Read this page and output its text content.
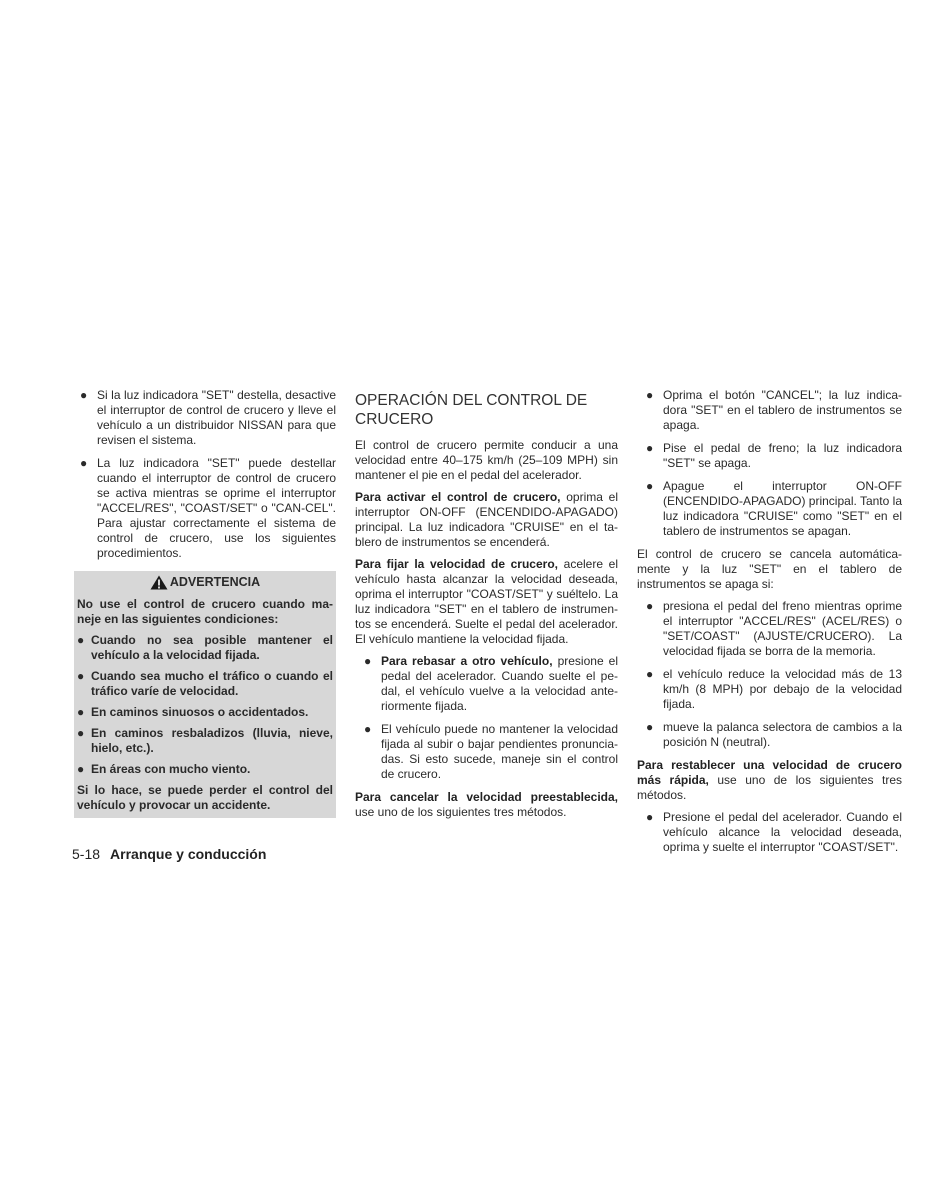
● Si la luz indicadora "SET" destella, desactive el interruptor de control de crucero y lleve el vehículo a un distribuidor NISSAN para que revisen el sistema.
● La luz indicadora "SET" puede destellar cuando el interruptor de control de crucero se activa mientras se oprime el interruptor "ACCEL/RES", "COAST/SET" o "CAN-CEL". Para ajustar correctamente el sistema de control de crucero, use los siguientes procedimientos.
ADVERTENCIA

No use el control de crucero cuando ma-neje en las siguientes condiciones:

● Cuando no sea posible mantener el vehículo a la velocidad fijada.
● Cuando sea mucho el tráfico o cuando el tráfico varíe de velocidad.
● En caminos sinuosos o accidentados.
● En caminos resbaladizos (lluvia, nieve, hielo, etc.).
● En áreas con mucho viento.

Si lo hace, se puede perder el control del vehículo y provocar un accidente.

OPERACIÓN DEL CONTROL DE CRUCERO

El control de crucero permite conducir a una velocidad entre 40–175 km/h (25–109 MPH) sin mantener el pie en el pedal del acelerador.

Para activar el control de crucero, oprima el interruptor ON-OFF (ENCENDIDO-APAGADO) principal. La luz indicadora "CRUISE" en el ta-blero de instrumentos se encenderá.

Para fijar la velocidad de crucero, acelere el vehículo hasta alcanzar la velocidad deseada, oprima el interruptor "COAST/SET" y suéltelo. La luz indicadora "SET" en el tablero de instrumen-tos se encenderá. Suelte el pedal del acelerador. El vehículo mantiene la velocidad fijada.

● Para rebasar a otro vehículo, presione el pedal del acelerador. Cuando suelte el pe-dal, el vehículo vuelve a la velocidad ante-riormente fijada.
● El vehículo puede no mantener la velocidad fijada al subir o bajar pendientes pronuncia-das. Si esto sucede, maneje sin el control de crucero.

Para cancelar la velocidad preestablecida, use uno de los siguientes tres métodos.

● Oprima el botón "CANCEL"; la luz indica-dora "SET" en el tablero de instrumentos se apaga.
● Pise el pedal de freno; la luz indicadora "SET" se apaga.
● Apague el interruptor ON-OFF (ENCENDIDO-APAGADO) principal. Tanto la luz indicadora "CRUISE" como "SET" en el tablero de instrumentos se apagan.

El control de crucero se cancela automática-mente y la luz "SET" en el tablero de instrumentos se apaga si:

● presiona el pedal del freno mientras oprime el interruptor "ACCEL/RES" (ACEL/RES) o "SET/COAST" (AJUSTE/CRUCERO). La velocidad fijada se borra de la memoria.
● el vehículo reduce la velocidad más de 13 km/h (8 MPH) por debajo de la velocidad fijada.
● mueve la palanca selectora de cambios a la posición N (neutral).

Para restablecer una velocidad de crucero más rápida, use uno de los siguientes tres métodos.

● Presione el pedal del acelerador. Cuando el vehículo alcance la velocidad deseada, oprima y suelte el interruptor "COAST/SET".
5-18 Arranque y conducción
